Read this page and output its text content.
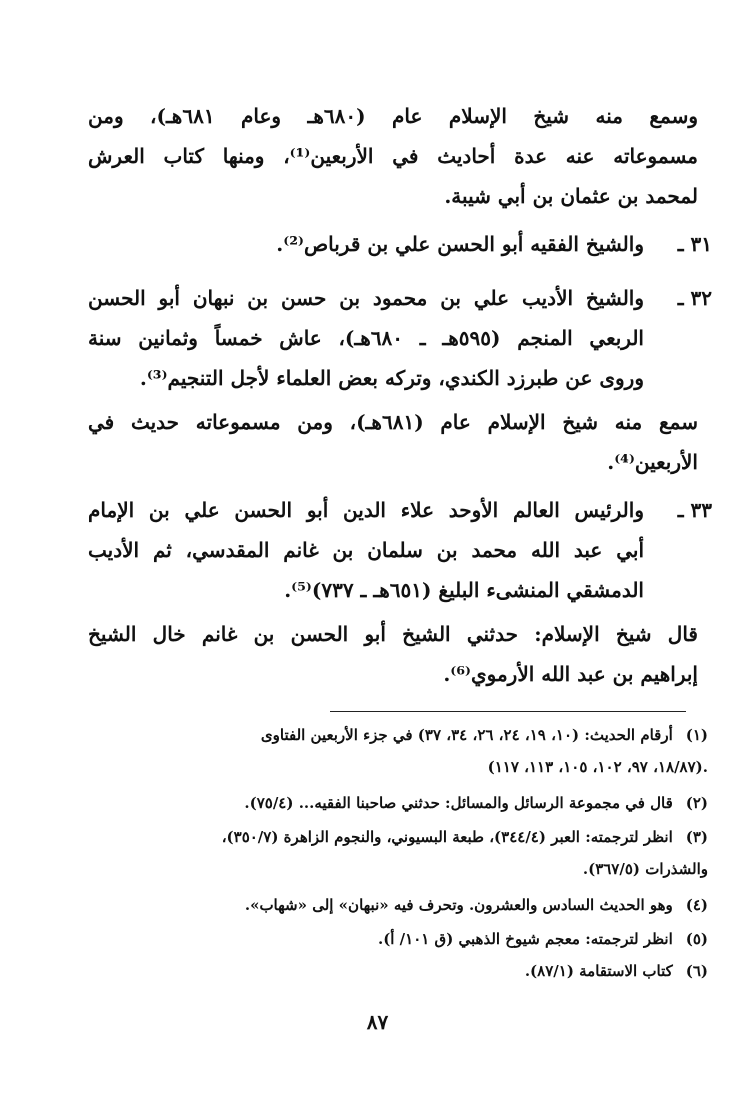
وسمع منه شيخ الإسلام عام (٦٨٠هـ وعام ٦٨١هـ)، ومن
مسموعاته عنه عدة أحاديث في الأربعين⁽¹⁾، ومنها كتاب العرش
لمحمد بن عثمان بن أبي شيبة.
٣١ ـ
والشيخ الفقيه أبو الحسن علي بن قرباص⁽²⁾.
٣٢ ـ
والشيخ الأديب علي بن محمود بن حسن بن نبهان أبو الحسن
الربعي المنجم (٥٩٥هـ ـ ٦٨٠هـ)، عاش خمساً وثمانين سنة
وروى عن طبرزد الكندي، وتركه بعض العلماء لأجل التنجيم⁽³⁾.
سمع منه شيخ الإسلام عام (٦٨١هـ)، ومن مسموعاته حديث في
الأربعين⁽⁴⁾.
٣٣ ـ
والرئيس العالم الأوحد علاء الدين أبو الحسن علي بن الإمام
أبي عبد الله محمد بن سلمان بن غانم المقدسي، ثم الأديب
الدمشقي المنشىء البليغ (٦٥١هـ ـ ٧٣٧)⁽⁵⁾.
قال شيخ الإسلام: حدثني الشيخ أبو الحسن بن غانم خال الشيخ
إبراهيم بن عبد الله الأرموي⁽⁶⁾.
(١) أرقام الحديث: (١٠، ١٩، ٢٤، ٢٦، ٣٤، ٣٧) في جزء الأربعين الفتاوى
(١٨/٨٧، ٩٧، ١٠٢، ١٠٥، ١١٣، ١١٧).
(٢) قال في مجموعة الرسائل والمسائل: حدثني صاحبنا الفقيه... (٧٥/٤).
(٣) انظر لترجمته: العبر (٣٤٤/٤)، طبعة البسيوني، والنجوم الزاهرة (٣٥٠/٧)،
والشذرات (٣٦٧/٥).
(٤) وهو الحديث السادس والعشرون. وتحرف فيه «نبهان» إلى «شهاب».
(٥) انظر لترجمته: معجم شيوخ الذهبي (ق ١٠١/ أ).
(٦) كتاب الاستقامة (٨٧/١).
٨٧
